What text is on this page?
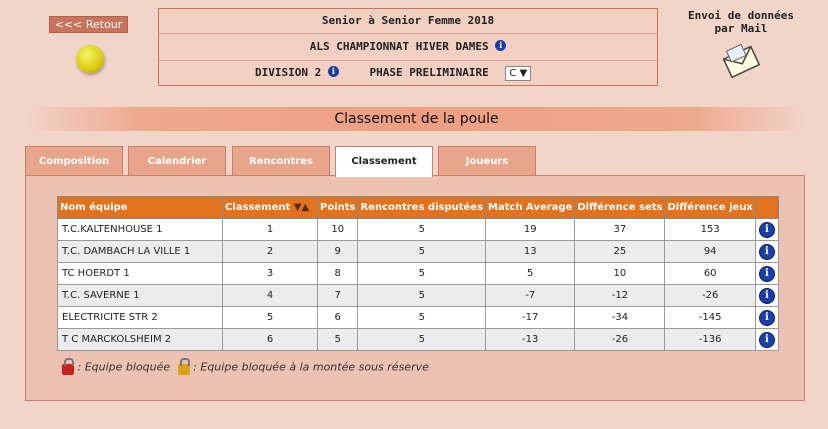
<<< Retour	Senior à Senior Femme 2018
ALS CHAMPIONNAT HIVER DAMES i
DIVISION 2 i	PHASE PRELIMINAIRE C ▼
Envoi de données
par Mail
Classement de la poule
Composition	Calendrier	Rencontres	Classement	Joueurs
Nom équipe	Classement ▼▲	Points	Rencontres disputées	Match Average	Différence sets	Différence jeux	
T.C.KALTENHOUSE 1	1	10	5	19	37	153	i
T.C. DAMBACH LA VILLE 1	2	9	5	13	25	94	i
TC HOERDT 1	3	8	5	5	10	60	i
T.C. SAVERNE 1	4	7	5	-7	-12	-26	i
ELECTRICITE STR 2	5	6	5	-17	-34	-145	i
T C MARCKOLSHEIM 2	6	5	5	-13	-26	-136	i
: Equipe bloquée : Equipe bloquée à la montée sous réserve
